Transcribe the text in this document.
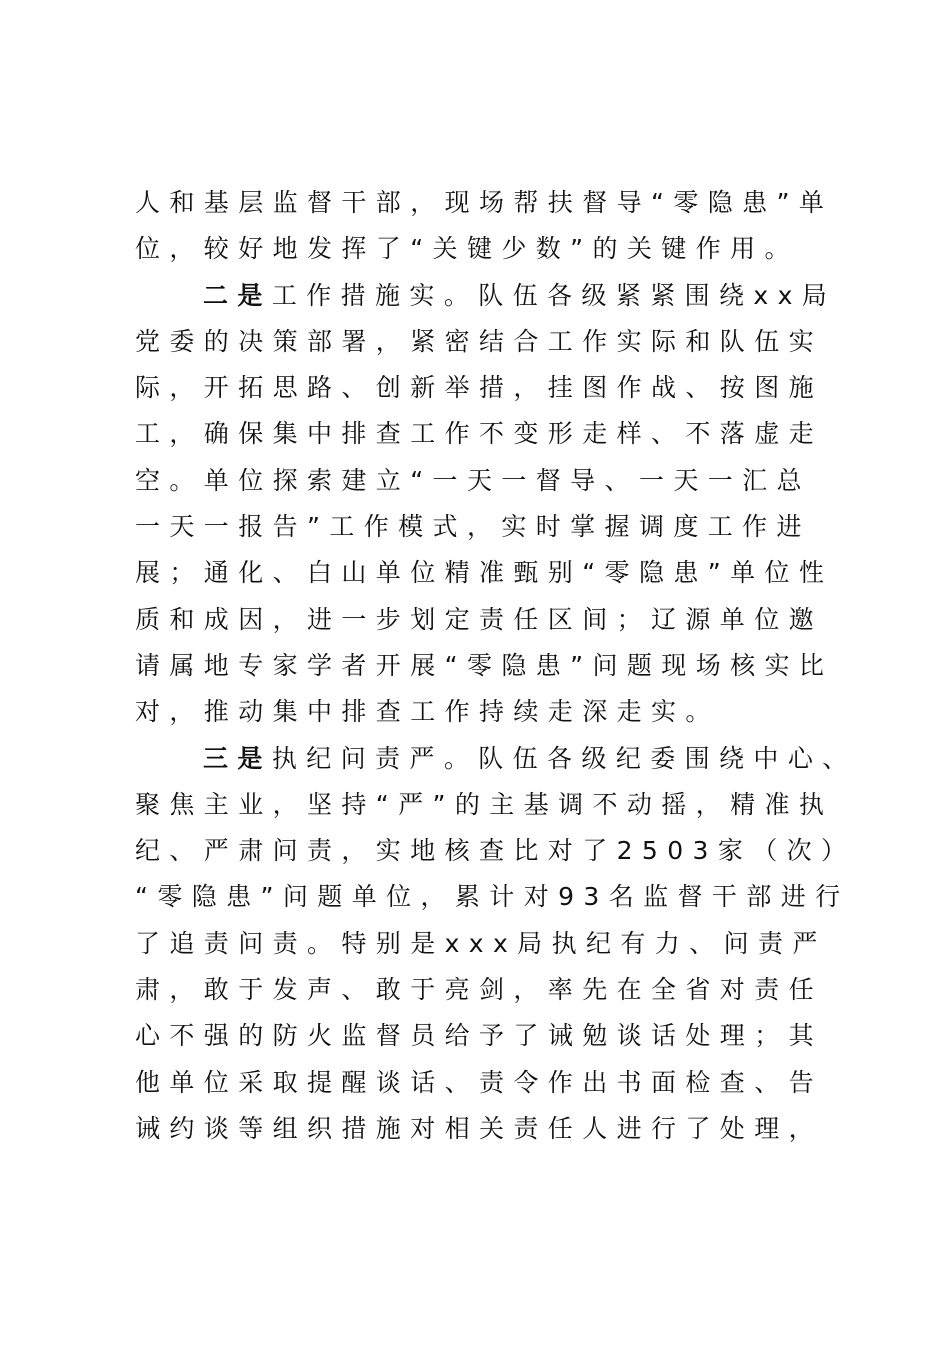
人和基层监督干部，现场帮扶督导“零隐患”单
位，较好地发挥了“关键少数”的关键作用。
二是工作措施实。队伍各级紧紧围绕xx局
党委的决策部署，紧密结合工作实际和队伍实
际，开拓思路、创新举措，挂图作战、按图施
工，确保集中排查工作不变形走样、不落虚走
空。单位探索建立“一天一督导、一天一汇总
一天一报告”工作模式，实时掌握调度工作进
展；通化、白山单位精准甄别“零隐患”单位性
质和成因，进一步划定责任区间；辽源单位邀
请属地专家学者开展“零隐患”问题现场核实比
对，推动集中排查工作持续走深走实。
三是执纪问责严。队伍各级纪委围绕中心、
聚焦主业，坚持“严”的主基调不动摇，精准执
纪、严肃问责，实地核查比对了2503家（次）
“零隐患”问题单位，累计对93名监督干部进行
了追责问责。特别是xxx局执纪有力、问责严
肃，敢于发声、敢于亮剑，率先在全省对责任
心不强的防火监督员给予了诫勉谈话处理；其
他单位采取提醒谈话、责令作出书面检查、告
诫约谈等组织措施对相关责任人进行了处理，
